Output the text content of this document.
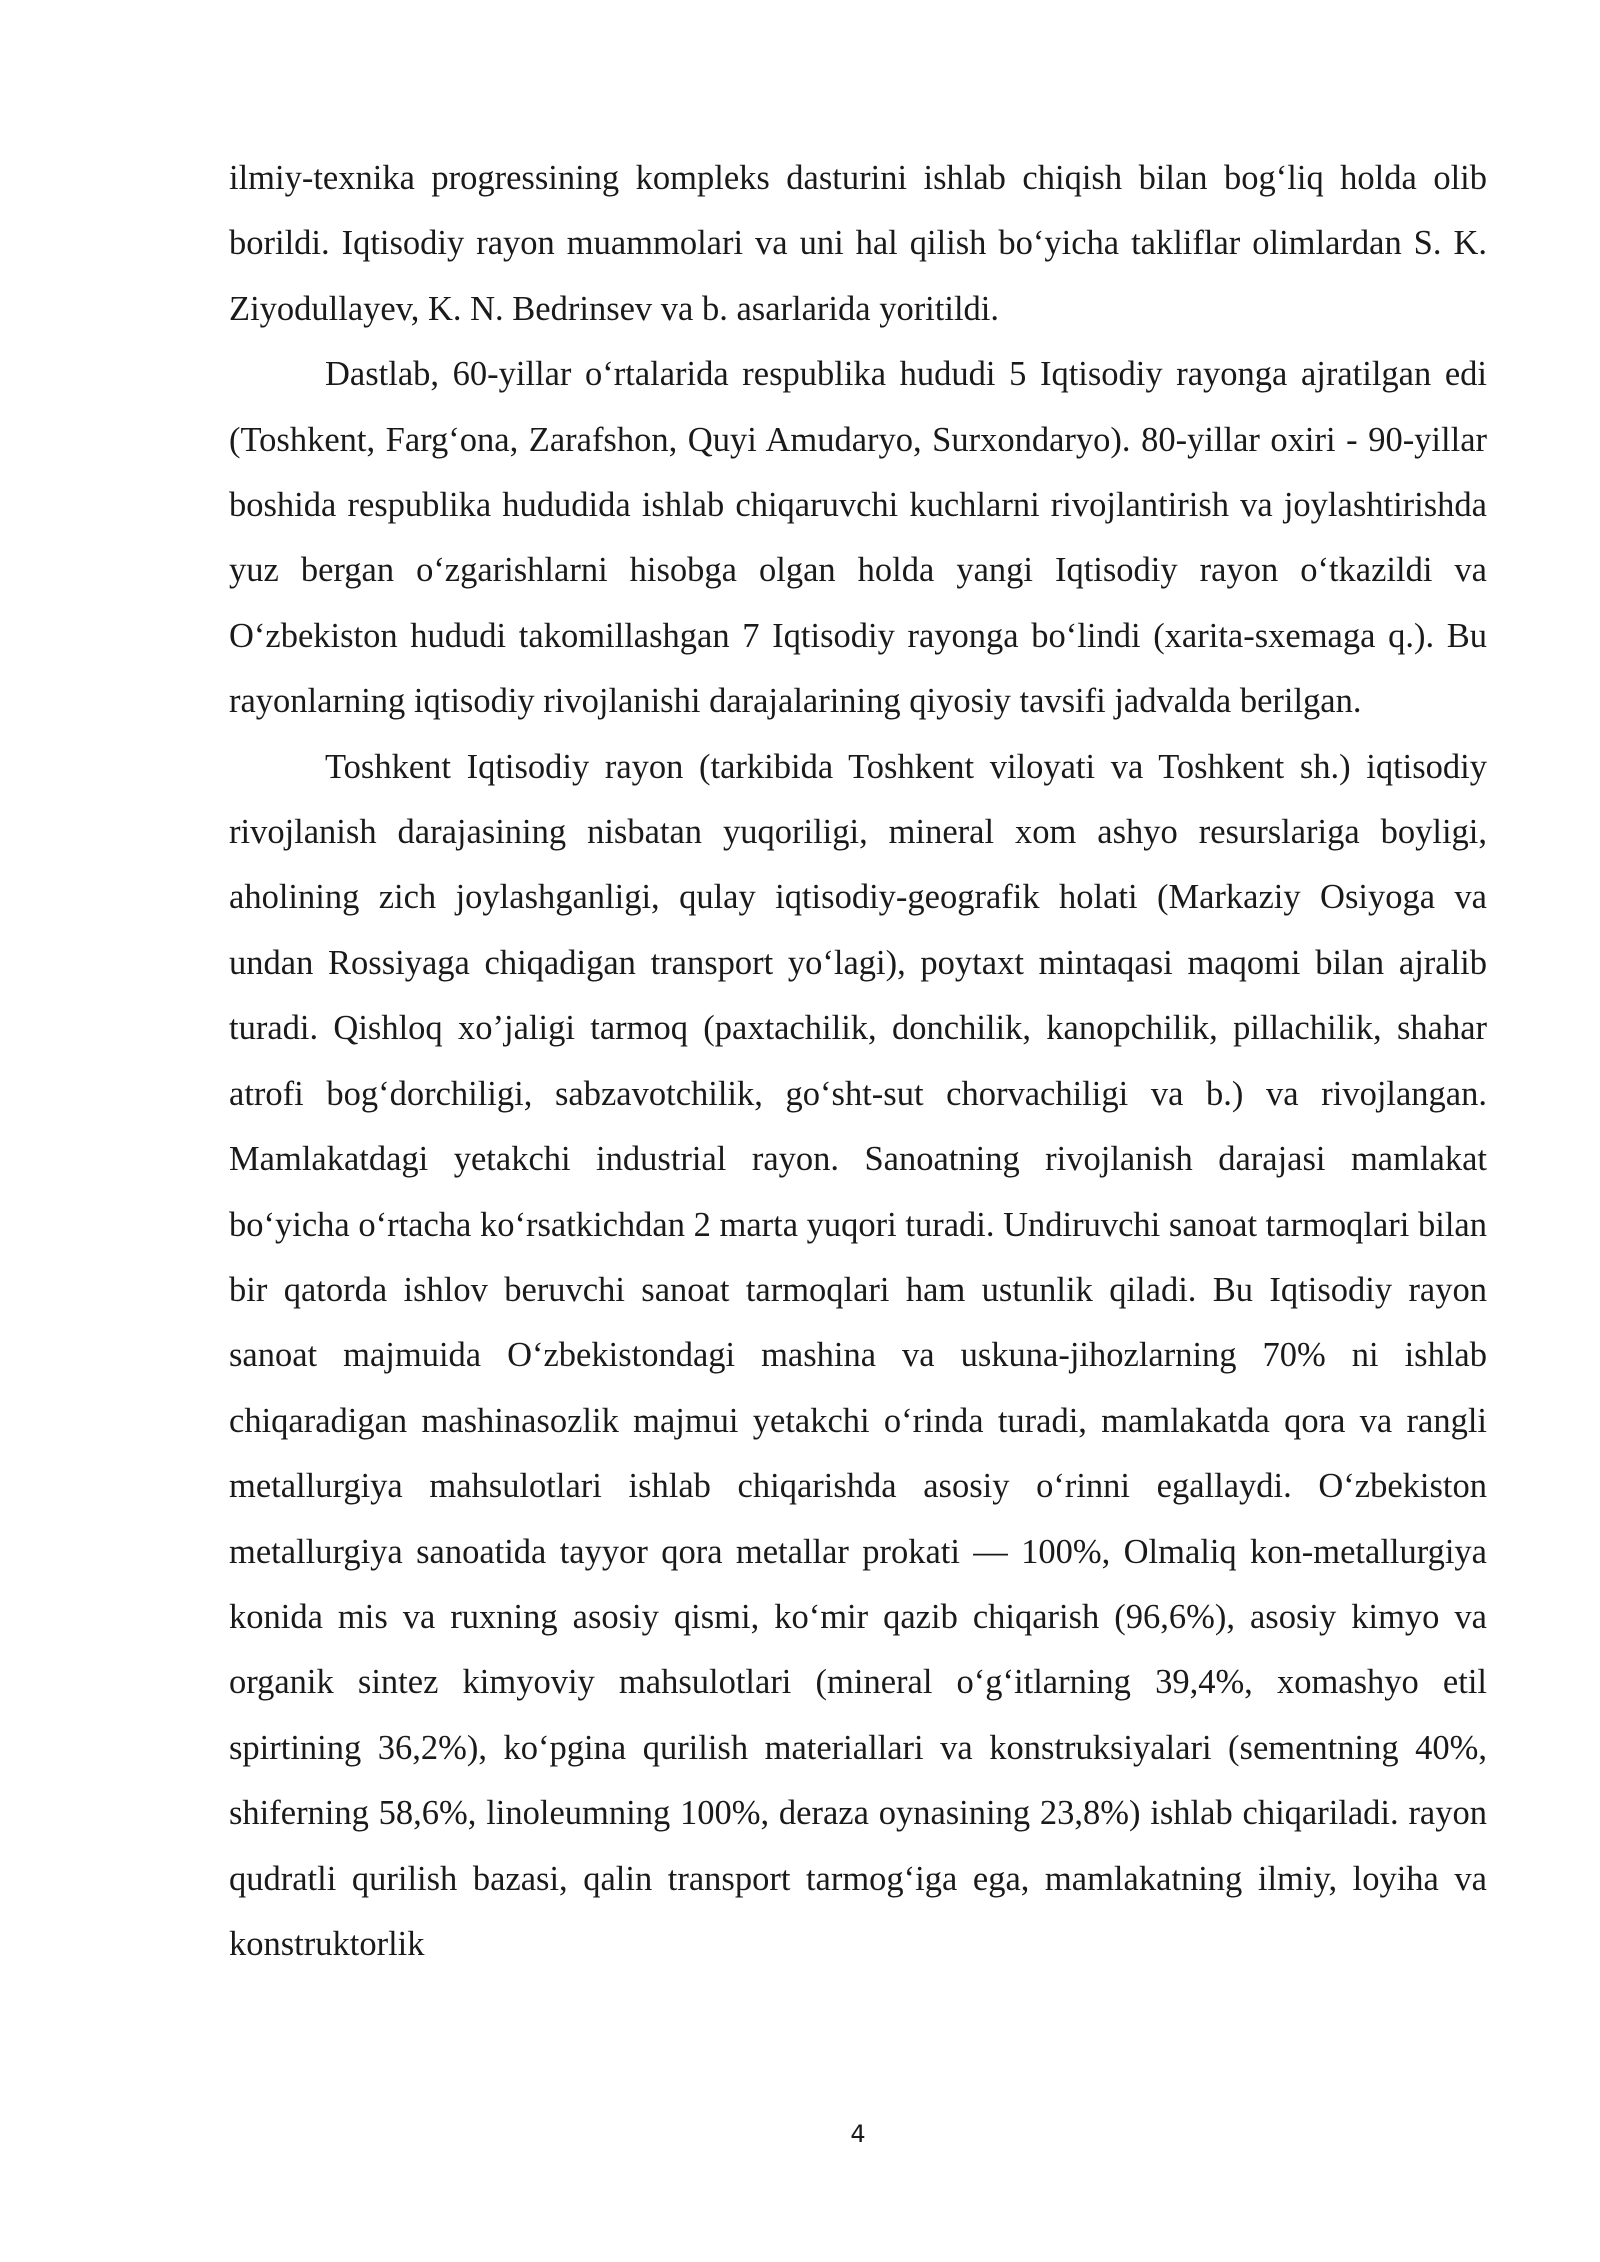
ilmiy-texnika progressining kompleks dasturini ishlab chiqish bilan bog‘liq holda olib borildi. Iqtisodiy rayon muammolari va uni hal qilish bo‘yicha takliflar olimlardan S. K. Ziyodullayev, K. N. Bedrinsev va b. asarlarida yoritildi.

Dastlab, 60-yillar o‘rtalarida respublika hududi 5 Iqtisodiy rayonga ajratilgan edi (Toshkent, Farg‘ona, Zarafshon, Quyi Amudaryo, Surxondaryo). 80-yillar oxiri - 90-yillar boshida respublika hududida ishlab chiqaruvchi kuchlarni rivojlantirish va joylashtirishda yuz bergan o‘zgarishlarni hisobga olgan holda yangi Iqtisodiy rayon o‘tkazildi va O‘zbekiston hududi takomillashgan 7 Iqtisodiy rayonga bo‘lindi (xarita-sxemaga q.). Bu rayonlarning iqtisodiy rivojlanishi darajalarining qiyosiy tavsifi jadvalda berilgan.

Toshkent Iqtisodiy rayon (tarkibida Toshkent viloyati va Toshkent sh.) iqtisodiy rivojlanish darajasining nisbatan yuqoriligi, mineral xom ashyo resurslariga boyligi, aholining zich joylashganligi, qulay iqtisodiy-geografik holati (Markaziy Osiyoga va undan Rossiyaga chiqadigan transport yo‘lagi), poytaxt mintaqasi maqomi bilan ajralib turadi. Qishloq xo’jaligi tarmoq (paxtachilik, donchilik, kanopchilik, pillachilik, shahar atrofi bog‘dorchiligi, sabzavotchilik, go‘sht-sut chorvachiligi va b.) va rivojlangan. Mamlakatdagi yetakchi industrial rayon. Sanoatning rivojlanish darajasi mamlakat bo‘yicha o‘rtacha ko‘rsatkichdan 2 marta yuqori turadi. Undiruvchi sanoat tarmoqlari bilan bir qatorda ishlov beruvchi sanoat tarmoqlari ham ustunlik qiladi. Bu Iqtisodiy rayon sanoat majmuida O‘zbekistondagi mashina va uskuna-jihozlarning 70% ni ishlab chiqaradigan mashinasozlik majmui yetakchi o‘rinda turadi, mamlakatda qora va rangli metallurgiya mahsulotlari ishlab chiqarishda asosiy o‘rinni egallaydi. O‘zbekiston metallurgiya sanoatida tayyor qora metallar prokati — 100%, Olmaliq kon-metallurgiya konida mis va ruxning asosiy qismi, ko‘mir qazib chiqarish (96,6%), asosiy kimyo va organik sintez kimyoviy mahsulotlari (mineral o‘g‘itlarning 39,4%, xomashyo etil spirtining 36,2%), ko‘pgina qurilish materiallari va konstruksiyalari (sementning 40%, shiferning 58,6%, linoleumning 100%, deraza oynasining 23,8%) ishlab chiqariladi. rayon qudratli qurilish bazasi, qalin transport tarmog‘iga ega, mamlakatning ilmiy, loyiha va konstruktorlik

4
